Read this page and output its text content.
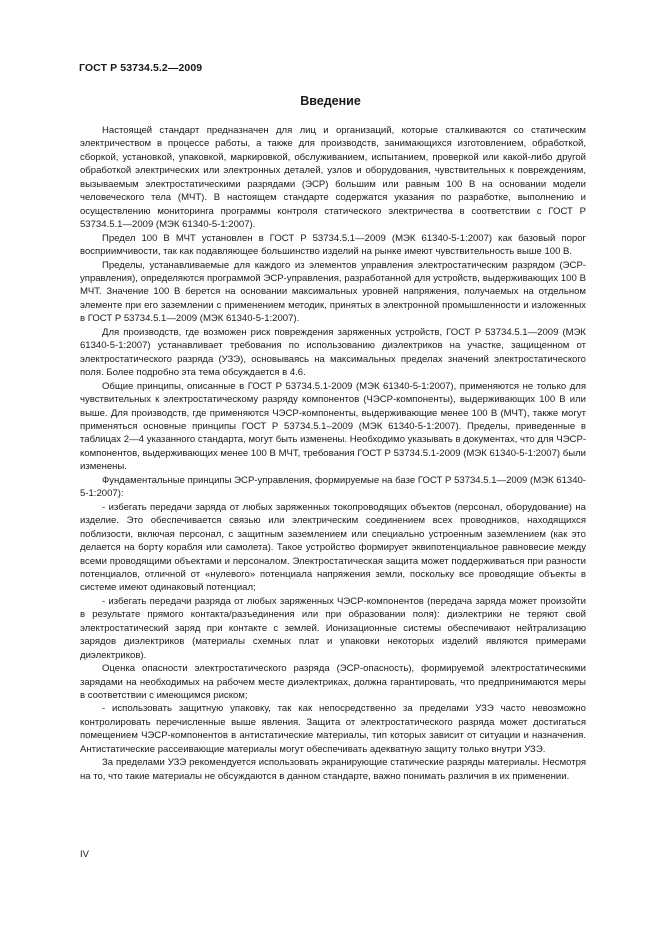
ГОСТ Р 53734.5.2—2009
Введение

Настоящей стандарт предназначен для лиц и организаций, которые сталкиваются со статическим электричеством в процессе работы, а также для производств, занимающихся изготовлением, обработкой, сборкой, установкой, упаковкой, маркировкой, обслуживанием, испытанием, проверкой или какой-либо другой обработкой электрических или электронных деталей, узлов и оборудования, чувствительных к повреждениям, вызываемым электростатическими разрядами (ЭСР) большим или равным 100 В на основании модели человеческого тела (МЧТ). В настоящем стандарте содержатся указания по разработке, выполнению и осуществлению мониторинга программы контроля статического электричества в соответствии с ГОСТ Р 53734.5.1—2009 (МЭК 61340-5-1:2007).

Предел 100 В МЧТ установлен в ГОСТ Р 53734.5.1—2009 (МЭК 61340-5-1:2007) как базовый порог восприимчивости, так как подавляющее большинство изделий на рынке имеют чувствительность выше 100 В.

Пределы, устанавливаемые для каждого из элементов управления электростатическим разрядом (ЭСР-управления), определяются программой ЭСР-управления, разработанной для устройств, выдерживающих 100 В МЧТ. Значение 100 В берется на основании максимальных уровней напряжения, получаемых на отдельном элементе при его заземлении с применением методик, принятых в электронной промышленности и изложенных в ГОСТ Р 53734.5.1—2009 (МЭК 61340-5-1:2007).

Для производств, где возможен риск повреждения заряженных устройств, ГОСТ Р 53734.5.1—2009 (МЭК 61340-5-1:2007) устанавливает требования по использованию диэлектриков на участке, защищенном от электростатического разряда (УЗЭ), основываясь на максимальных пределах значений электростатического поля. Более подробно эта тема обсуждается в 4.6.

Общие принципы, описанные в ГОСТ Р 53734.5.1-2009 (МЭК 61340-5-1:2007), применяются не только для чувствительных к электростатическому разряду компонентов (ЧЭСР-компоненты), выдерживающих 100 В или выше. Для производств, где применяются ЧЭСР-компоненты, выдерживающие менее 100 В (МЧТ), также могут применяться основные принципы ГОСТ Р 53734.5.1–2009 (МЭК 61340-5-1:2007). Пределы, приведенные в таблицах 2—4 указанного стандарта, могут быть изменены. Необходимо указывать в документах, что для ЧЭСР-компонентов, выдерживающих менее 100 В МЧТ, требования ГОСТ Р 53734.5.1-2009 (МЭК 61340-5-1:2007) были изменены.

Фундаментальные принципы ЭСР-управления, формируемые на базе ГОСТ Р 53734.5.1—2009 (МЭК 61340-5-1:2007):

- избегать передачи заряда от любых заряженных токопроводящих объектов (персонал, оборудование) на изделие. Это обеспечивается связью или электрическим соединением всех проводников, находящихся поблизости, включая персонал, с защитным заземлением или специально устроенным заземлением (как это делается на борту корабля или самолета). Такое устройство формирует эквипотенциальное равновесие между всеми проводящими объектами и персоналом. Электростатическая защита может поддерживаться при разности потенциалов, отличной от «нулевого» потенциала напряжения земли, поскольку все проводящие объекты в системе имеют одинаковый потенциал;

- избегать передачи разряда от любых заряженных ЧЭСР-компонентов (передача заряда может произойти в результате прямого контакта/разъединения или при образовании поля): диэлектрики не теряют свой электростатический заряд при контакте с землей. Ионизационные системы обеспечивают нейтрализацию зарядов диэлектриков (материалы схемных плат и упаковки некоторых изделий являются примерами диэлектриков).

Оценка опасности электростатического разряда (ЭСР-опасность), формируемой электростатическими зарядами на необходимых на рабочем месте диэлектриках, должна гарантировать, что предпринимаются меры в соответствии с имеющимся риском;

- использовать защитную упаковку, так как непосредственно за пределами УЗЭ часто невозможно контролировать перечисленные выше явления. Защита от электростатического разряда может достигаться помещением ЧЭСР-компонентов в антистатические материалы, тип которых зависит от ситуации и назначения. Антистатические рассеивающие материалы могут обеспечивать адекватную защиту только внутри УЗЭ.

За пределами УЗЭ рекомендуется использовать экранирующие статические разряды материалы. Несмотря на то, что такие материалы не обсуждаются в данном стандарте, важно понимать различия в их применении.

IV
